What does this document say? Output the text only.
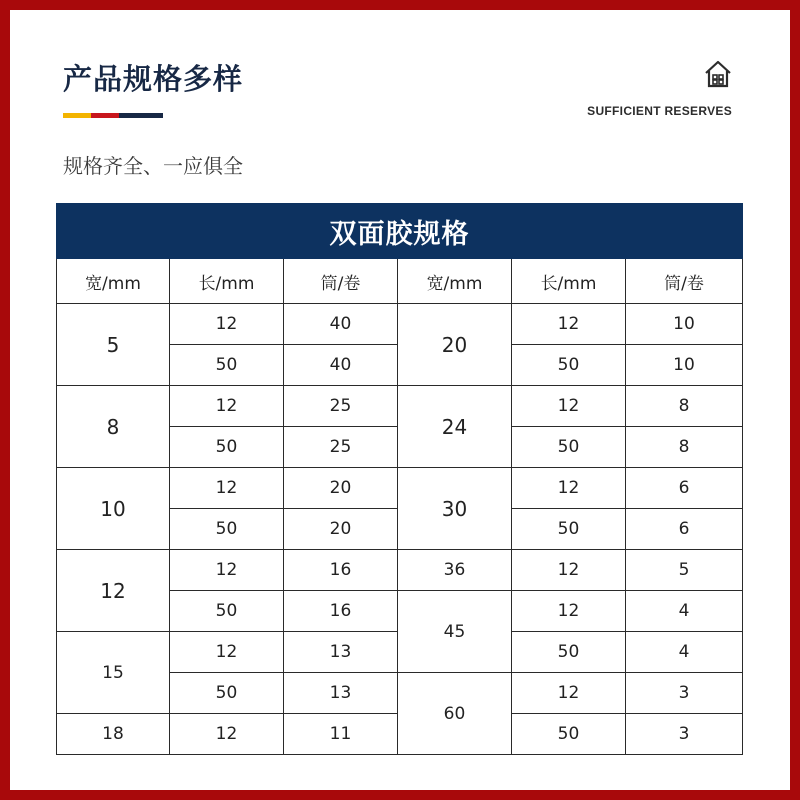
产品规格多样
规格齐全、一应俱全
SUFFICIENT RESERVES
双面胶规格					
宽/mm	长/mm	筒/卷	宽/mm	长/mm	筒/卷
5	12	40	20	12	10
	50	40		50	10
8	12	25	24	12	8
	50	25		50	8
10	12	20	30	12	6
	50	20		50	6
12	12	16	36	12	5
	50	16	45	12	4
15	12	13		50	4
	50	13	60	12	3
18	12	11		50	3
